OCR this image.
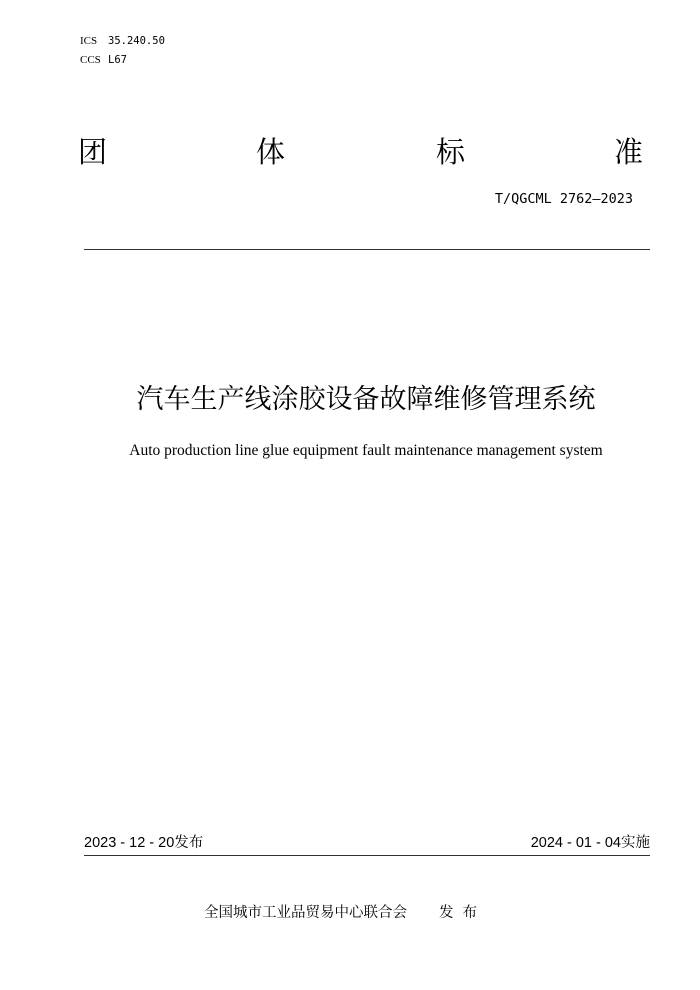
ICS 35.240.50
CCS L67
团	体	标	准
T/QGCML 2762—2023
汽车生产线涂胶设备故障维修管理系统
Auto production line glue equipment fault maintenance management system
2023 - 12 - 20发布	2024 - 01 - 04实施
全国城市工业品贸易中心联合会 发布
